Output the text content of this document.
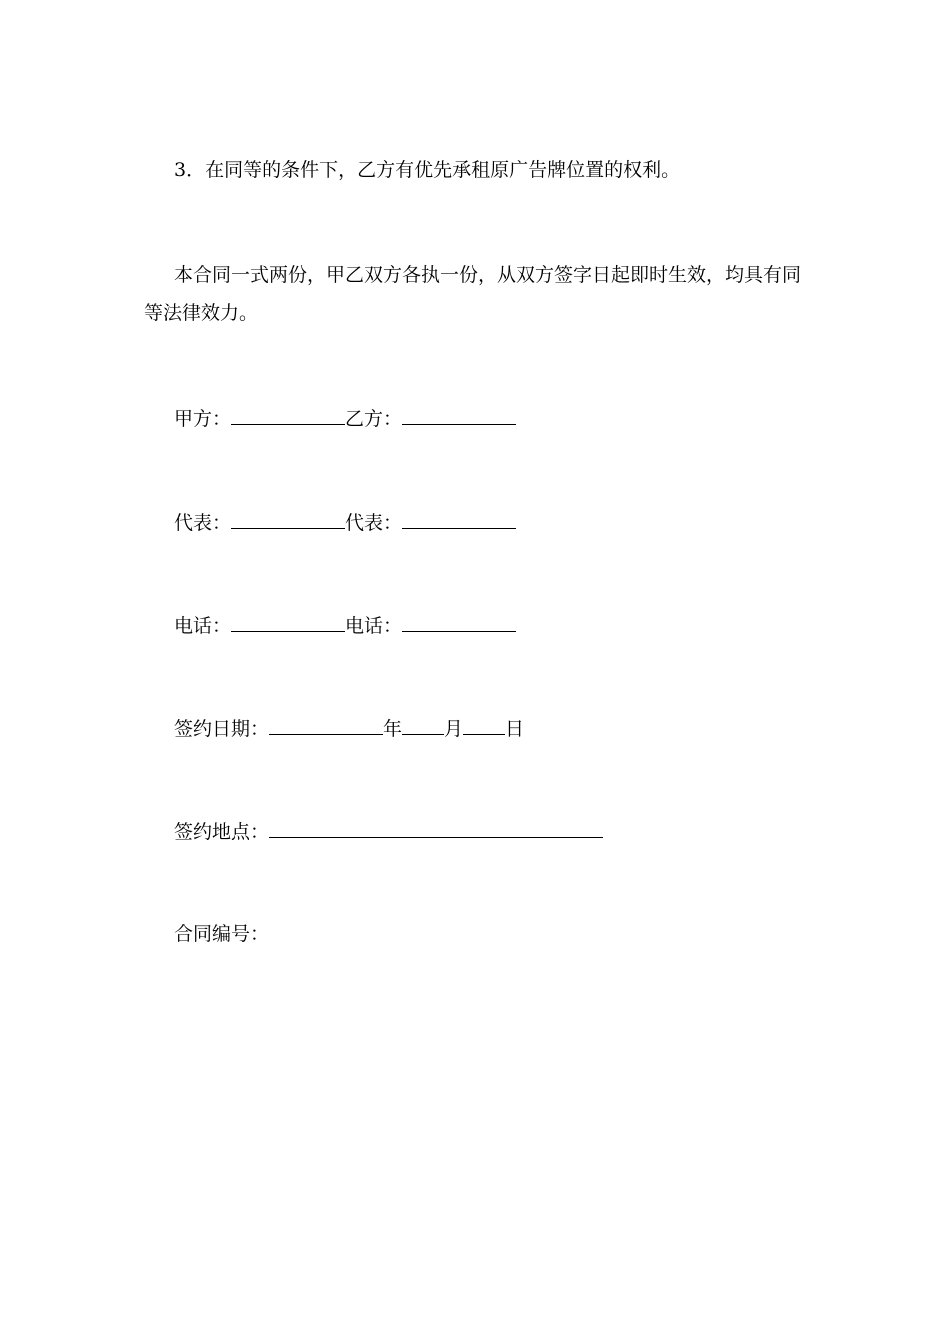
3．在同等的条件下，乙方有优先承租原广告牌位置的权利。
本合同一式两份，甲乙双方各执一份，从双方签字日起即时生效，均具有同等法律效力。
甲方：	乙方：
代表：	代表：
电话：	电话：
签约日期：	年 月 日
签约地点：
合同编号：
